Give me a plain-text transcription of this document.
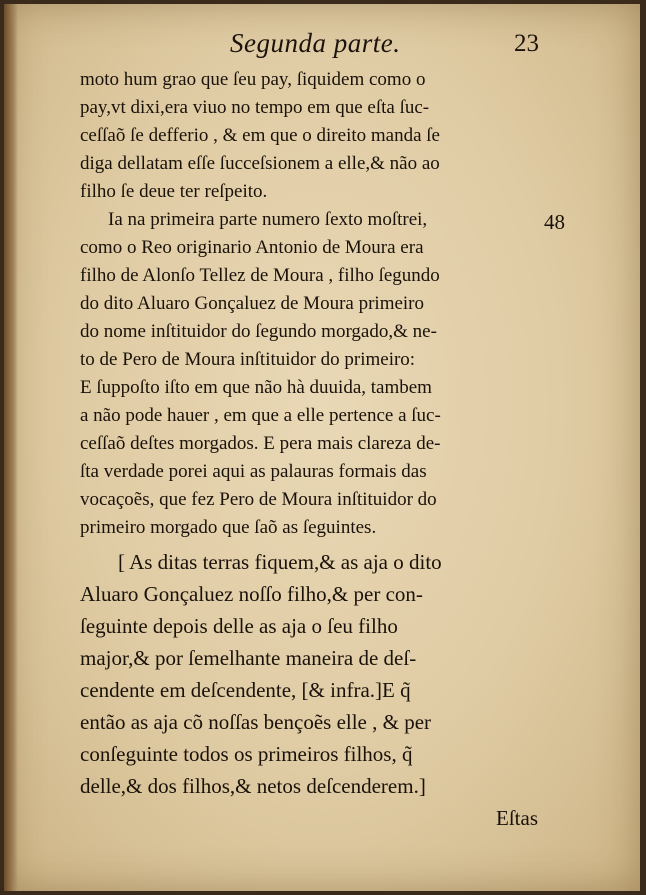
Segunda parte.	23
moto hum grao que ſeu pay, ſiquidem como o
pay,vt dixi,era viuo no tempo em que eſta ſuc-
ceſſaõ ſe defferio , & em que o direito manda ſe
diga dellatam eſſe ſucceſsionem a elle,& não ao
filho ſe deue ter reſpeito.
Ia na primeira parte numero ſexto moſtrei,
como o Reo originario Antonio de Moura era
filho de Alonſo Tellez de Moura , filho ſegundo
do dito Aluaro Gonçaluez de Moura primeiro
do nome inſtituidor do ſegundo morgado,& ne-
to de Pero de Moura inſtituidor do primeiro:
E ſuppoſto iſto em que não hà duuida, tambem
a não pode hauer , em que a elle pertence a ſuc-
ceſſaõ deſtes morgados. E pera mais clareza de-
ſta verdade porei aqui as palauras formais das
vocaçoẽs, que fez Pero de Moura inſtituidor do
primeiro morgado que ſaõ as ſeguintes.
[ As ditas terras fiquem,& as aja o dito
Aluaro Gonçaluez noſſo filho,& per con-
ſeguinte depois delle as aja o ſeu filho
major,& por ſemelhante maneira de deſ-
cendente em deſcendente, [& infra.]E q̃
então as aja cõ noſſas bençoẽs elle , & per
conſeguinte todos os primeiros filhos, q̃
delle,& dos filhos,& netos deſcenderem.]
48
Eſtas
